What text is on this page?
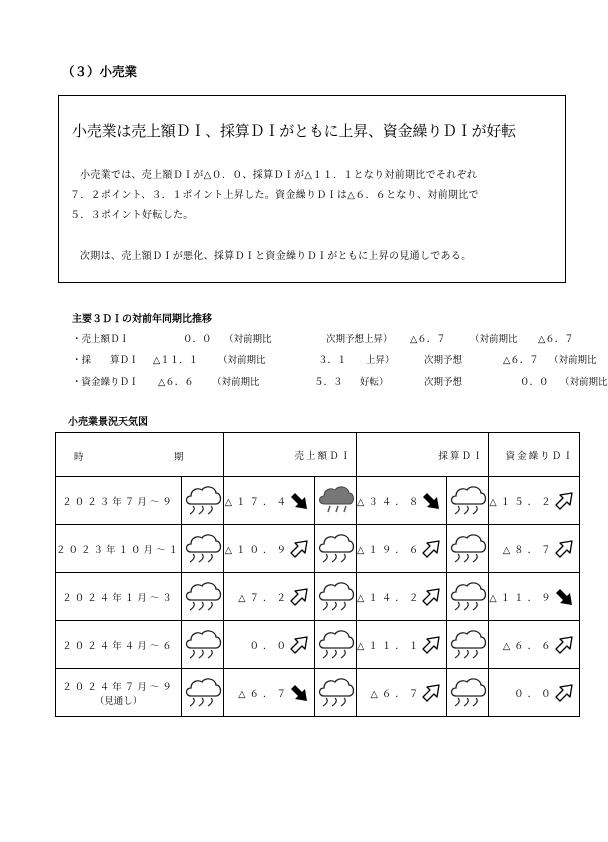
（３）小売業
小売業は売上額ＤＩ、採算ＤＩがともに上昇、資金繰りＤＩが好転
小売業では、売上額ＤＩが△０．０、採算ＤＩが△１１．１となり対前期比でそれぞれ
７．２ポイント、３．１ポイント上昇した。資金繰りＤＩは△６．６となり、対前期比で
５．３ポイント好転した。
次期は、売上額ＤＩが悪化、採算ＤＩと資金繰りＤＩがともに上昇の見通しである。
主要３ＤＩの対前年同期比推移
・売上額ＤＩ	０．０ （対前期比	次期予想上昇） △６．７	（対前期比 △６．７
・採　　算ＤＩ △１１．１ （対前期比	３．１ 上昇）	次期予想	△６．７ （対前期比
・資金繰りＤＩ △６．６ （対前期比	５．３ 好転）	次期予想	０．０ （対前期比
小売業景況天気図
時 期		売上額ＤＩ		採算ＤＩ		資金繰りＤＩ

２０２３年７月～９		△１７．４		△３４．８		△１５．２

２０２３年１０月～１		△１０．９		△１９．６		△８．７

２０２４年１月～３		△７．２		△１４．２		△１１．９

２０２４年４月～６		０．０		△１１．１		△６．６

２０２４年７月～９
（見通し）		△６．７		△６．７		０．０
